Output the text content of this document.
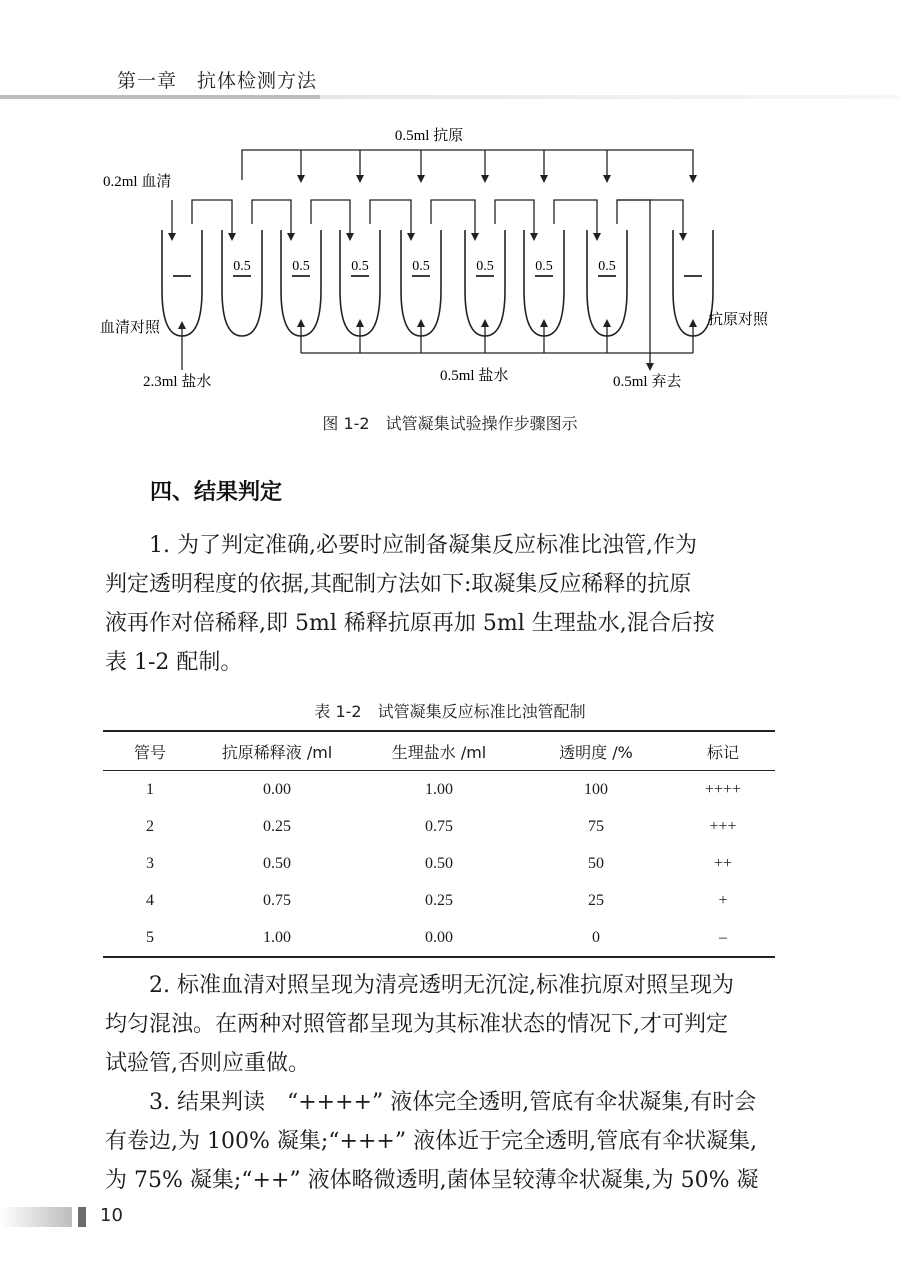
第一章　抗体检测方法
0.5	0.5	0.5	0.5	0.5	0.5	0.5
0.5ml 抗原
0.2ml 血清
血清对照	抗原对照
2.3ml 盐水	0.5ml 盐水	0.5ml 弃去
图 1-2　试管凝集试验操作步骤图示
四、结果判定
1. 为了判定准确,必要时应制备凝集反应标准比浊管,作为
判定透明程度的依据,其配制方法如下:取凝集反应稀释的抗原
液再作对倍稀释,即 5ml 稀释抗原再加 5ml 生理盐水,混合后按
表 1-2 配制。
表 1-2　试管凝集反应标准比浊管配制
管号	抗原稀释液 /ml	生理盐水 /ml	透明度 /%	标记
1	0.00	1.00	100	++++
2	0.25	0.75	75	+++
3	0.50	0.50	50	++
4	0.75	0.25	25	+
5	1.00	0.00	0	–
2. 标准血清对照呈现为清亮透明无沉淀,标准抗原对照呈现为
均匀混浊。在两种对照管都呈现为其标准状态的情况下,才可判定
试验管,否则应重做。
3. 结果判读　“++++” 液体完全透明,管底有伞状凝集,有时会
有卷边,为 100% 凝集;“+++” 液体近于完全透明,管底有伞状凝集,
为 75% 凝集;“++” 液体略微透明,菌体呈较薄伞状凝集,为 50% 凝
10
